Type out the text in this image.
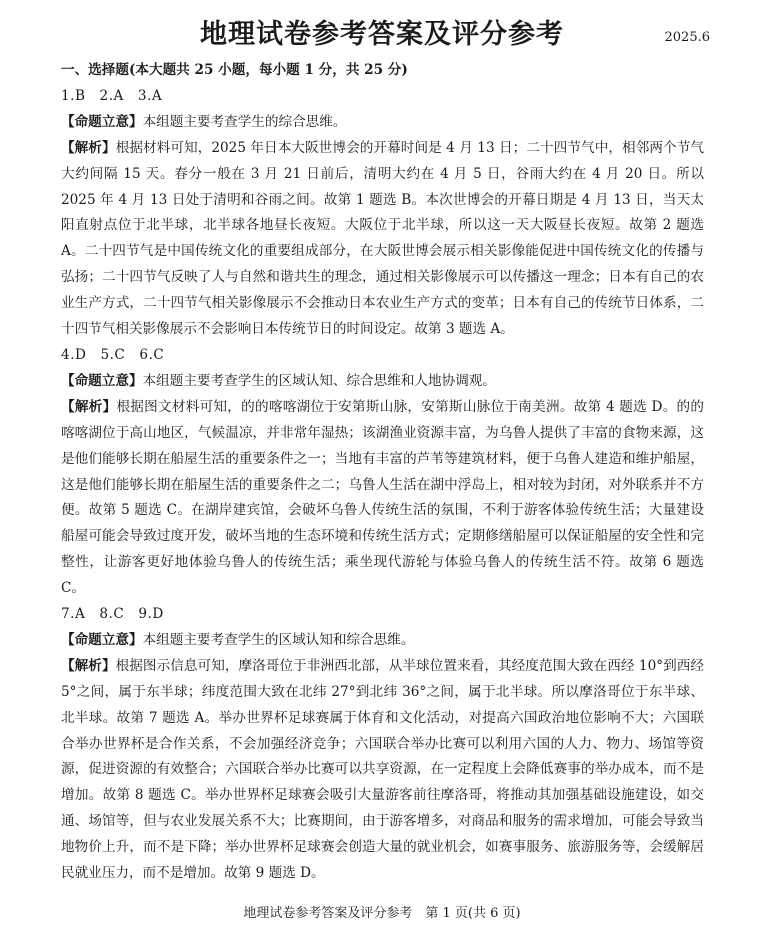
地理试卷参考答案及评分参考	2025.6

一、选择题(本大题共 25 小题，每小题 1 分，共 25 分)

1.B　2.A　3.A

【命题立意】本组题主要考查学生的综合思维。

【解析】根据材料可知，2025 年日本大阪世博会的开幕时间是 4 月 13 日；二十四节气中，相邻两个节气大约间隔 15 天。春分一般在 3 月 21 日前后，清明大约在 4 月 5 日，谷雨大约在 4 月 20 日。所以 2025 年 4 月 13 日处于清明和谷雨之间。故第 1 题选 B。本次世博会的开幕日期是 4 月 13 日，当天太阳直射点位于北半球，北半球各地昼长夜短。大阪位于北半球，所以这一天大阪昼长夜短。故第 2 题选 A。二十四节气是中国传统文化的重要组成部分，在大阪世博会展示相关影像能促进中国传统文化的传播与弘扬；二十四节气反映了人与自然和谐共生的理念，通过相关影像展示可以传播这一理念；日本有自己的农业生产方式，二十四节气相关影像展示不会推动日本农业生产方式的变革；日本有自己的传统节日体系，二十四节气相关影像展示不会影响日本传统节日的时间设定。故第 3 题选 A。

4.D　5.C　6.C

【命题立意】本组题主要考查学生的区域认知、综合思维和人地协调观。

【解析】根据图文材料可知，的的喀喀湖位于安第斯山脉，安第斯山脉位于南美洲。故第 4 题选 D。的的喀喀湖位于高山地区，气候温凉，并非常年湿热；该湖渔业资源丰富，为乌鲁人提供了丰富的食物来源，这是他们能够长期在船屋生活的重要条件之一；当地有丰富的芦苇等建筑材料，便于乌鲁人建造和维护船屋，这是他们能够长期在船屋生活的重要条件之二；乌鲁人生活在湖中浮岛上，相对较为封闭，对外联系并不方便。故第 5 题选 C。在湖岸建宾馆，会破坏乌鲁人传统生活的氛围，不利于游客体验传统生活；大量建设船屋可能会导致过度开发，破坏当地的生态环境和传统生活方式；定期修缮船屋可以保证船屋的安全性和完整性，让游客更好地体验乌鲁人的传统生活；乘坐现代游轮与体验乌鲁人的传统生活不符。故第 6 题选 C。

7.A　8.C　9.D

【命题立意】本组题主要考查学生的区域认知和综合思维。

【解析】根据图示信息可知，摩洛哥位于非洲西北部，从半球位置来看，其经度范围大致在西经 10°到西经 5°之间，属于东半球；纬度范围大致在北纬 27°到北纬 36°之间，属于北半球。所以摩洛哥位于东半球、北半球。故第 7 题选 A。举办世界杯足球赛属于体育和文化活动，对提高六国政治地位影响不大；六国联合举办世界杯是合作关系，不会加强经济竞争；六国联合举办比赛可以利用六国的人力、物力、场馆等资源，促进资源的有效整合；六国联合举办比赛可以共享资源，在一定程度上会降低赛事的举办成本，而不是增加。故第 8 题选 C。举办世界杯足球赛会吸引大量游客前往摩洛哥，将推动其加强基础设施建设，如交通、场馆等，但与农业发展关系不大；比赛期间，由于游客增多，对商品和服务的需求增加，可能会导致当地物价上升，而不是下降；举办世界杯足球赛会创造大量的就业机会，如赛事服务、旅游服务等，会缓解居民就业压力，而不是增加。故第 9 题选 D。

地理试卷参考答案及评分参考　第 1 页(共 6 页)
